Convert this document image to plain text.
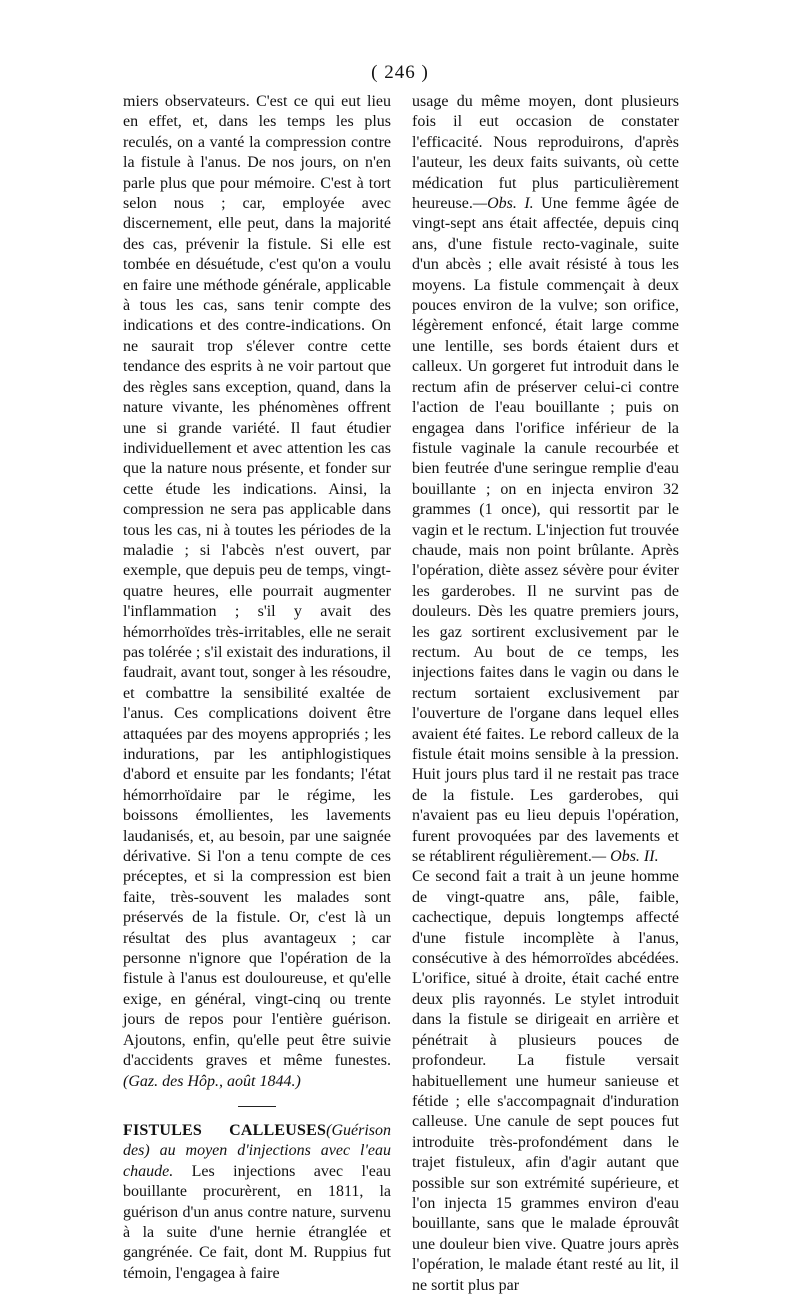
( 246 )

miers observateurs. C'est ce qui eut lieu en effet, et, dans les temps les plus reculés, on a vanté la compression contre la fistule à l'anus. De nos jours, on n'en parle plus que pour mémoire. C'est à tort selon nous ; car, employée avec discernement, elle peut, dans la majorité des cas, prévenir la fistule. Si elle est tombée en désuétude, c'est qu'on a voulu en faire une méthode générale, applicable à tous les cas, sans tenir compte des indications et des contre-indications. On ne saurait trop s'élever contre cette tendance des esprits à ne voir partout que des règles sans exception, quand, dans la nature vivante, les phénomènes offrent une si grande variété. Il faut étudier individuellement et avec attention les cas que la nature nous présente, et fonder sur cette étude les indications. Ainsi, la compression ne sera pas applicable dans tous les cas, ni à toutes les périodes de la maladie ; si l'abcès n'est ouvert, par exemple, que depuis peu de temps, vingt-quatre heures, elle pourrait augmenter l'inflammation ; s'il y avait des hémorrhoïdes très-irritables, elle ne serait pas tolérée ; s'il existait des indurations, il faudrait, avant tout, songer à les résoudre, et combattre la sensibilité exaltée de l'anus. Ces complications doivent être attaquées par des moyens appropriés ; les indurations, par les antiphlogistiques d'abord et ensuite par les fondants; l'état hémorrhoïdaire par le régime, les boissons émollientes, les lavements laudanisés, et, au besoin, par une saignée dérivative. Si l'on a tenu compte de ces préceptes, et si la compression est bien faite, très-souvent les malades sont préservés de la fistule. Or, c'est là un résultat des plus avantageux ; car personne n'ignore que l'opération de la fistule à l'anus est douloureuse, et qu'elle exige, en général, vingt-cinq ou trente jours de repos pour l'entière guérison. Ajoutons, enfin, qu'elle peut être suivie d'accidents graves et même funestes. (Gaz. des Hôp., août 1844.)

FISTULES CALLEUSES(Guérison des) au moyen d'injections avec l'eau chaude. Les injections avec l'eau bouillante procurèrent, en 1811, la guérison d'un anus contre nature, survenu à la suite d'une hernie étranglée et gangrénée. Ce fait, dont M. Ruppius fut témoin, l'engagea à faire

usage du même moyen, dont plusieurs fois il eut occasion de constater l'efficacité. Nous reproduirons, d'après l'auteur, les deux faits suivants, où cette médication fut plus particulièrement heureuse.—Obs. I. Une femme âgée de vingt-sept ans était affectée, depuis cinq ans, d'une fistule recto-vaginale, suite d'un abcès ; elle avait résisté à tous les moyens. La fistule commençait à deux pouces environ de la vulve; son orifice, légèrement enfoncé, était large comme une lentille, ses bords étaient durs et calleux. Un gorgeret fut introduit dans le rectum afin de préserver celui-ci contre l'action de l'eau bouillante ; puis on engagea dans l'orifice inférieur de la fistule vaginale la canule recourbée et bien feutrée d'une seringue remplie d'eau bouillante ; on en injecta environ 32 grammes (1 once), qui ressortit par le vagin et le rectum. L'injection fut trouvée chaude, mais non point brûlante. Après l'opération, diète assez sévère pour éviter les garderobes. Il ne survint pas de douleurs. Dès les quatre premiers jours, les gaz sortirent exclusivement par le rectum. Au bout de ce temps, les injections faites dans le vagin ou dans le rectum sortaient exclusivement par l'ouverture de l'organe dans lequel elles avaient été faites. Le rebord calleux de la fistule était moins sensible à la pression. Huit jours plus tard il ne restait pas trace de la fistule. Les garderobes, qui n'avaient pas eu lieu depuis l'opération, furent provoquées par des lavements et se rétablirent régulièrement.— Obs. II.

Ce second fait a trait à un jeune homme de vingt-quatre ans, pâle, faible, cachectique, depuis longtemps affecté d'une fistule incomplète à l'anus, consécutive à des hémorroïdes abcédées. L'orifice, situé à droite, était caché entre deux plis rayonnés. Le stylet introduit dans la fistule se dirigeait en arrière et pénétrait à plusieurs pouces de profondeur. La fistule versait habituellement une humeur sanieuse et fétide ; elle s'accompagnait d'induration calleuse. Une canule de sept pouces fut introduite très-profondément dans le trajet fistuleux, afin d'agir autant que possible sur son extrémité supérieure, et l'on injecta 15 grammes environ d'eau bouillante, sans que le malade éprouvât une douleur bien vive. Quatre jours après l'opération, le malade étant resté au lit, il ne sortit plus par
